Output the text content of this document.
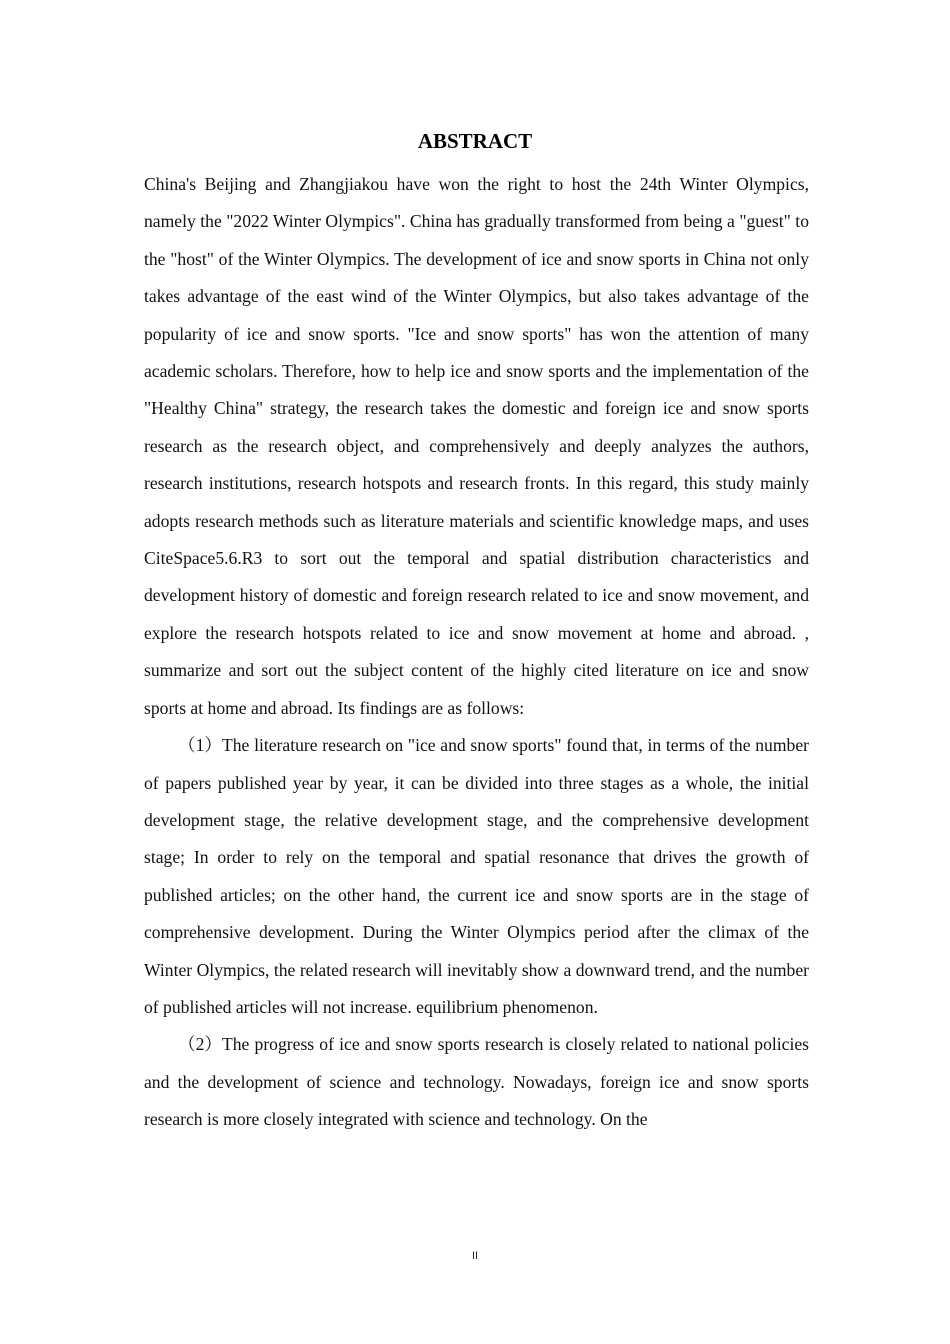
ABSTRACT

China's Beijing and Zhangjiakou have won the right to host the 24th Winter Olympics, namely the "2022 Winter Olympics". China has gradually transformed from being a "guest" to the "host" of the Winter Olympics. The development of ice and snow sports in China not only takes advantage of the east wind of the Winter Olympics, but also takes advantage of the popularity of ice and snow sports. "Ice and snow sports" has won the attention of many academic scholars. Therefore, how to help ice and snow sports and the implementation of the "Healthy China" strategy, the research takes the domestic and foreign ice and snow sports research as the research object, and comprehensively and deeply analyzes the authors, research institutions, research hotspots and research fronts. In this regard, this study mainly adopts research methods such as literature materials and scientific knowledge maps, and uses CiteSpace5.6.R3 to sort out the temporal and spatial distribution characteristics and development history of domestic and foreign research related to ice and snow movement, and explore the research hotspots related to ice and snow movement at home and abroad. , summarize and sort out the subject content of the highly cited literature on ice and snow sports at home and abroad. Its findings are as follows:

（1）The literature research on "ice and snow sports" found that, in terms of the number of papers published year by year, it can be divided into three stages as a whole, the initial development stage, the relative development stage, and the comprehensive development stage; In order to rely on the temporal and spatial resonance that drives the growth of published articles; on the other hand, the current ice and snow sports are in the stage of comprehensive development. During the Winter Olympics period after the climax of the Winter Olympics, the related research will inevitably show a downward trend, and the number of published articles will not increase. equilibrium phenomenon.

（2）The progress of ice and snow sports research is closely related to national policies and the development of science and technology. Nowadays, foreign ice and snow sports research is more closely integrated with science and technology. On the

II
